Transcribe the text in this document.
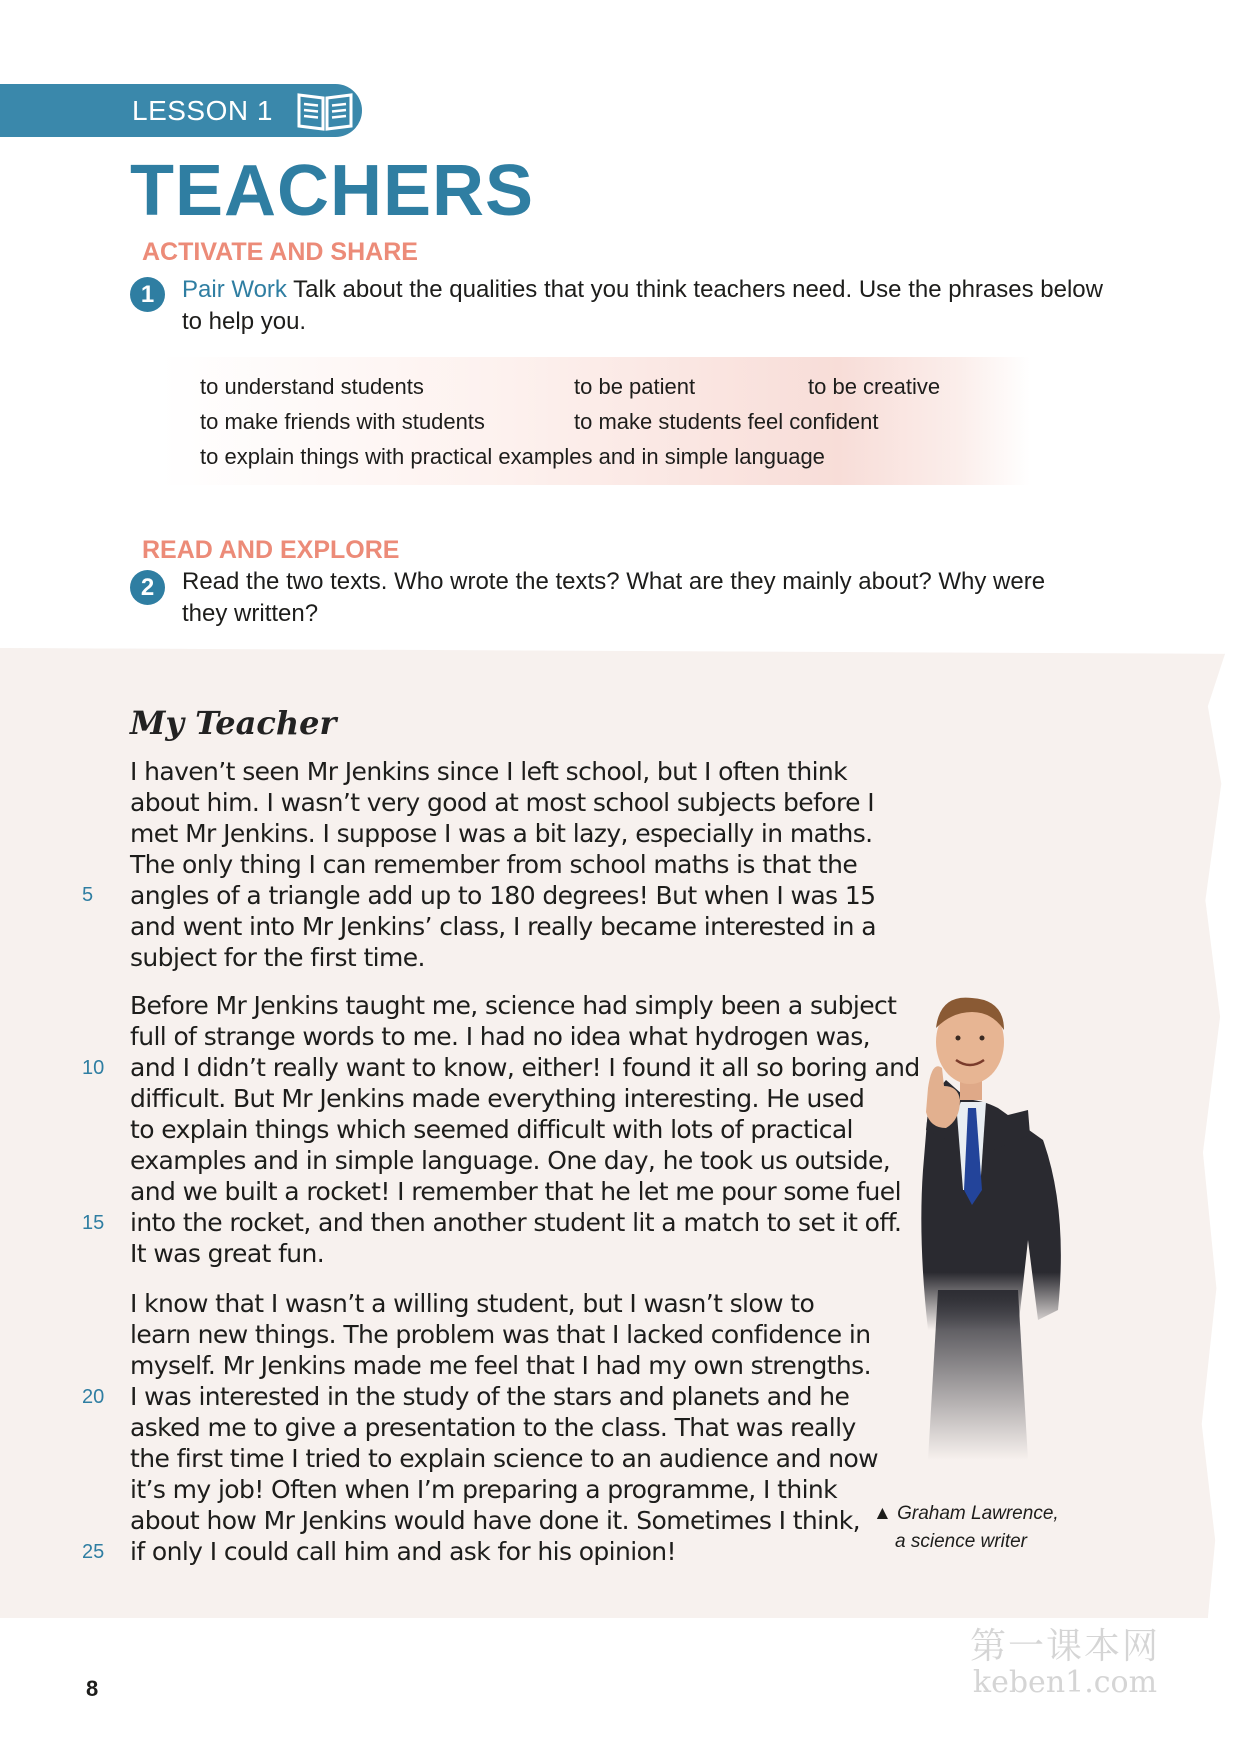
LESSON 1
TEACHERS
ACTIVATE AND SHARE
1	Pair Work Talk about the qualities that you think teachers need. Use the phrases below
to help you.

to understand students	to be patient	to be creative
to make friends with students	to make students feel confident
to explain things with practical examples and in simple language
READ AND EXPLORE
2	Read the two texts. Who wrote the texts? What are they mainly about? Why were
they written?

My Teacher
I haven’t seen Mr Jenkins since I left school, but I often think
about him. I wasn’t very good at most school subjects before I
met Mr Jenkins. I suppose I was a bit lazy, especially in maths.
The only thing I can remember from school maths is that the
angles of a triangle add up to 180 degrees! But when I was 15
and went into Mr Jenkins’ class, I really became interested in a
subject for the first time.
Before Mr Jenkins taught me, science had simply been a subject
full of strange words to me. I had no idea what hydrogen was,
and I didn’t really want to know, either! I found it all so boring and
difficult. But Mr Jenkins made everything interesting. He used
to explain things which seemed difficult with lots of practical
examples and in simple language. One day, he took us outside,
and we built a rocket! I remember that he let me pour some fuel
into the rocket, and then another student lit a match to set it off.
It was great fun.
I know that I wasn’t a willing student, but I wasn’t slow to
learn new things. The problem was that I lacked confidence in
myself. Mr Jenkins made me feel that I had my own strengths.
I was interested in the study of the stars and planets and he
asked me to give a presentation to the class. That was really
the first time I tried to explain science to an audience and now
it’s my job! Often when I’m preparing a programme, I think
about how Mr Jenkins would have done it. Sometimes I think,
if only I could call him and ask for his opinion!
5
10
15
20
25
▲ Graham Lawrence,
a science writer
8
第一课本网
keben1.com
